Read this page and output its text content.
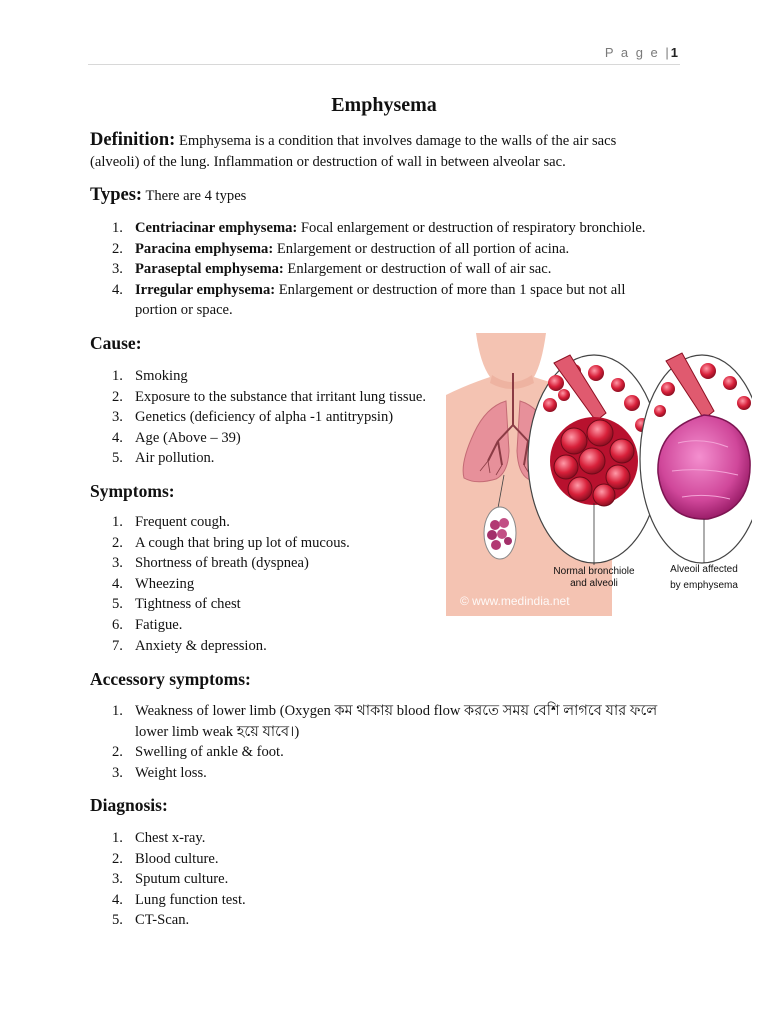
P a g e |1
Emphysema
Definition: Emphysema is a condition that involves damage to the walls of the air sacs
(alveoli) of the lung. Inflammation or destruction of wall in between alveolar sac.
Types: There are 4 types
1. Centriacinar emphysema: Focal enlargement or destruction of respiratory bronchiole.
2. Paracina emphysema: Enlargement or destruction of all portion of acina.
3. Paraseptal emphysema: Enlargement or destruction of wall of air sac.
4. Irregular emphysema: Enlargement or destruction of more than 1 space but not all
portion or space.
Cause:
1. Smoking
2. Exposure to the substance that irritant lung tissue.
3. Genetics (deficiency of alpha -1 antitrypsin)
4. Age (Above – 39)
5. Air pollution.
Symptoms:
1. Frequent cough.
2. A cough that bring up lot of mucous.
3. Shortness of breath (dyspnea)
4. Wheezing
5. Tightness of chest
6. Fatigue.
7. Anxiety & depression.
Accessory symptoms:
1. Weakness of lower limb (Oxygen কম থাকায় blood flow করতে সময় বেশি লাগবে যার ফলে
lower limb weak হয়ে যাবে।)
2. Swelling of ankle & foot.
3. Weight loss.
Diagnosis:
1. Chest x-ray.
2. Blood culture.
3. Sputum culture.
4. Lung function test.
5. CT-Scan.
Normal bronchiole
and alveoli
Alveoil affected
by emphysema
© www.medindia.net
